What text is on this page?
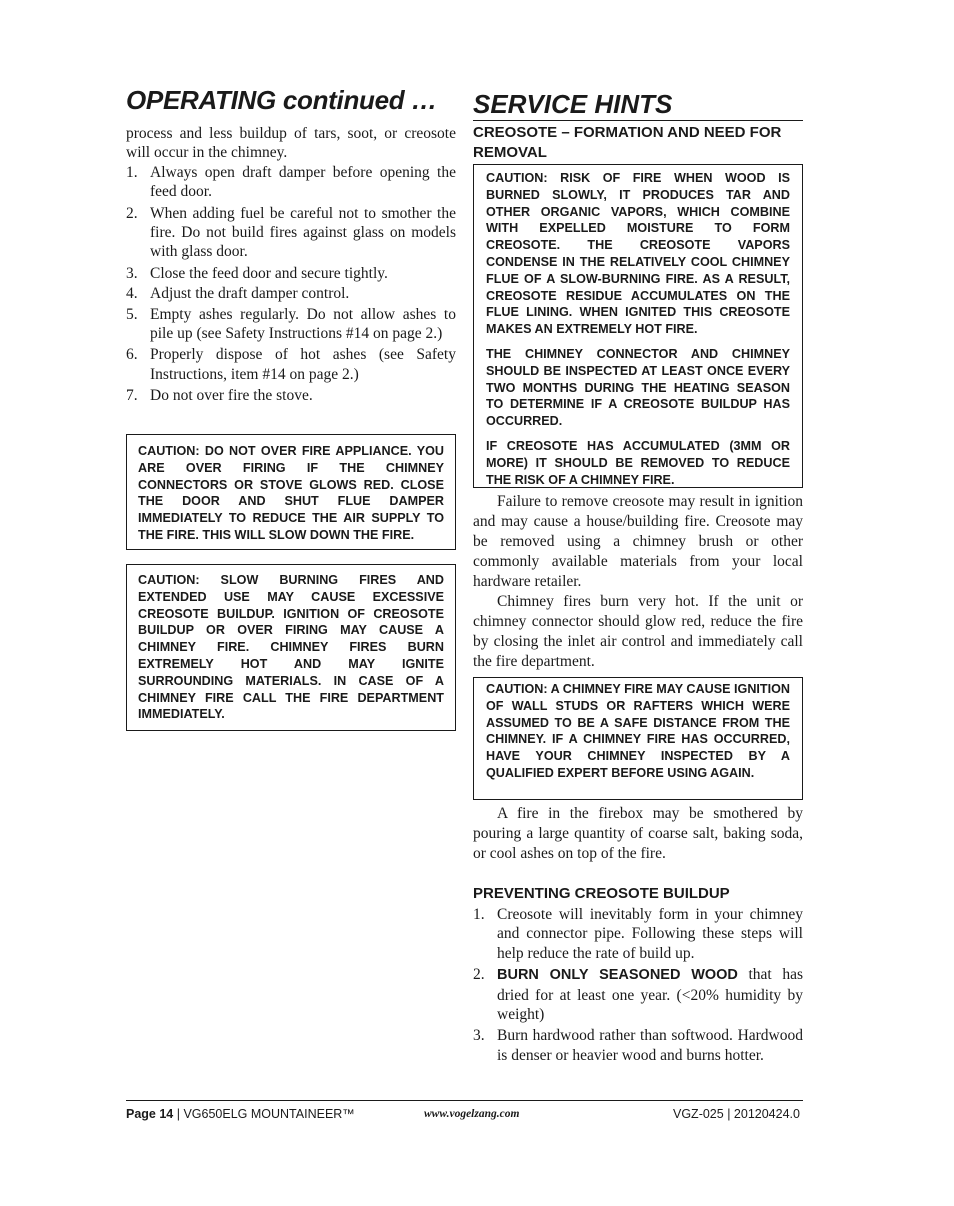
OPERATING continued …

process and less buildup of tars, soot, or creosote will occur in the chimney.

1. Always open draft damper before opening the feed door.
2. When adding fuel be careful not to smother the fire. Do not build fires against glass on models with glass door.
3. Close the feed door and secure tightly.
4. Adjust the draft damper control.
5. Empty ashes regularly. Do not allow ashes to pile up (see Safety Instructions #14 on page 2.)
6. Properly dispose of hot ashes (see Safety Instructions, item #14 on page 2.)
7. Do not over fire the stove.

CAUTION: DO NOT OVER FIRE APPLIANCE. YOU ARE OVER FIRING IF THE CHIMNEY CONNECTORS OR STOVE GLOWS RED. CLOSE THE DOOR AND SHUT FLUE DAMPER IMMEDIATELY TO REDUCE THE AIR SUPPLY TO THE FIRE. THIS WILL SLOW DOWN THE FIRE.

CAUTION: SLOW BURNING FIRES AND EXTENDED USE MAY CAUSE EXCESSIVE CREOSOTE BUILDUP. IGNITION OF CREOSOTE BUILDUP OR OVER FIRING MAY CAUSE A CHIMNEY FIRE. CHIMNEY FIRES BURN EXTREMELY HOT AND MAY IGNITE SURROUNDING MATERIALS. IN CASE OF A CHIMNEY FIRE CALL THE FIRE DEPARTMENT IMMEDIATELY.

SERVICE HINTS

CREOSOTE – FORMATION AND NEED FOR REMOVAL

CAUTION: RISK OF FIRE WHEN WOOD IS BURNED SLOWLY, IT PRODUCES TAR AND OTHER ORGANIC VAPORS, WHICH COMBINE WITH EXPELLED MOISTURE TO FORM CREOSOTE. THE CREOSOTE VAPORS CONDENSE IN THE RELATIVELY COOL CHIMNEY FLUE OF A SLOW-BURNING FIRE. AS A RESULT, CREOSOTE RESIDUE ACCUMULATES ON THE FLUE LINING. WHEN IGNITED THIS CREOSOTE MAKES AN EXTREMELY HOT FIRE.

THE CHIMNEY CONNECTOR AND CHIMNEY SHOULD BE INSPECTED AT LEAST ONCE EVERY TWO MONTHS DURING THE HEATING SEASON TO DETERMINE IF A CREOSOTE BUILDUP HAS OCCURRED.

IF CREOSOTE HAS ACCUMULATED (3MM OR MORE) IT SHOULD BE REMOVED TO REDUCE THE RISK OF A CHIMNEY FIRE.

Failure to remove creosote may result in ignition and may cause a house/building fire. Creosote may be removed using a chimney brush or other commonly available materials from your local hardware retailer.

Chimney fires burn very hot. If the unit or chimney connector should glow red, reduce the fire by closing the inlet air control and immediately call the fire department.

CAUTION: A CHIMNEY FIRE MAY CAUSE IGNITION OF WALL STUDS OR RAFTERS WHICH WERE ASSUMED TO BE A SAFE DISTANCE FROM THE CHIMNEY. IF A CHIMNEY FIRE HAS OCCURRED, HAVE YOUR CHIMNEY INSPECTED BY A QUALIFIED EXPERT BEFORE USING AGAIN.

A fire in the firebox may be smothered by pouring a large quantity of coarse salt, baking soda, or cool ashes on top of the fire.

PREVENTING CREOSOTE BUILDUP

1. Creosote will inevitably form in your chimney and connector pipe. Following these steps will help reduce the rate of build up.
2. BURN ONLY SEASONED WOOD that has dried for at least one year. (<20% humidity by weight)
3. Burn hardwood rather than softwood. Hardwood is denser or heavier wood and burns hotter.
Page 14 | VG650ELG MOUNTAINEER™	www.vogelzang.com	VGZ-025 | 20120424.0
